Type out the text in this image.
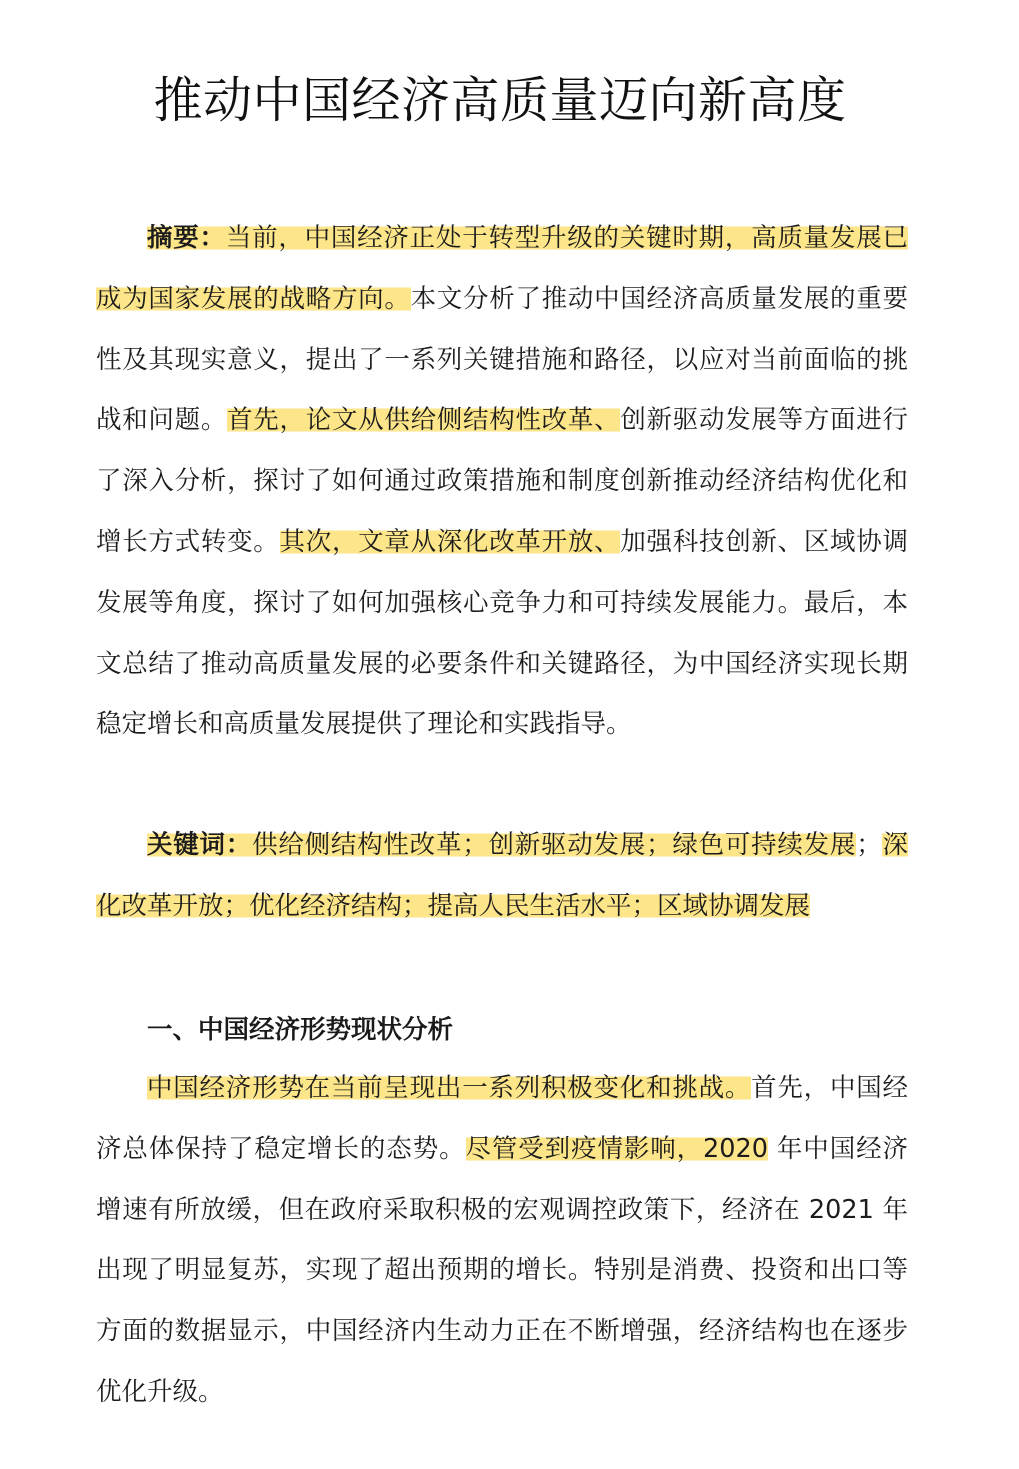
推动中国经济高质量迈向新高度

摘要：当前，中国经济正处于转型升级的关键时期，高质量发展已成为国家发展的战略方向。本文分析了推动中国经济高质量发展的重要性及其现实意义，提出了一系列关键措施和路径，以应对当前面临的挑战和问题。首先，论文从供给侧结构性改革、创新驱动发展等方面进行了深入分析，探讨了如何通过政策措施和制度创新推动经济结构优化和增长方式转变。其次，文章从深化改革开放、加强科技创新、区域协调发展等角度，探讨了如何加强核心竞争力和可持续发展能力。最后，本文总结了推动高质量发展的必要条件和关键路径，为中国经济实现长期稳定增长和高质量发展提供了理论和实践指导。

关键词：供给侧结构性改革；创新驱动发展；绿色可持续发展；深化改革开放；优化经济结构；提高人民生活水平；区域协调发展

一、中国经济形势现状分析

中国经济形势在当前呈现出一系列积极变化和挑战。首先，中国经济总体保持了稳定增长的态势。尽管受到疫情影响，2020 年中国经济增速有所放缓，但在政府采取积极的宏观调控政策下，经济在 2021 年出现了明显复苏，实现了超出预期的增长。特别是消费、投资和出口等方面的数据显示，中国经济内生动力正在不断增强，经济结构也在逐步优化升级。
